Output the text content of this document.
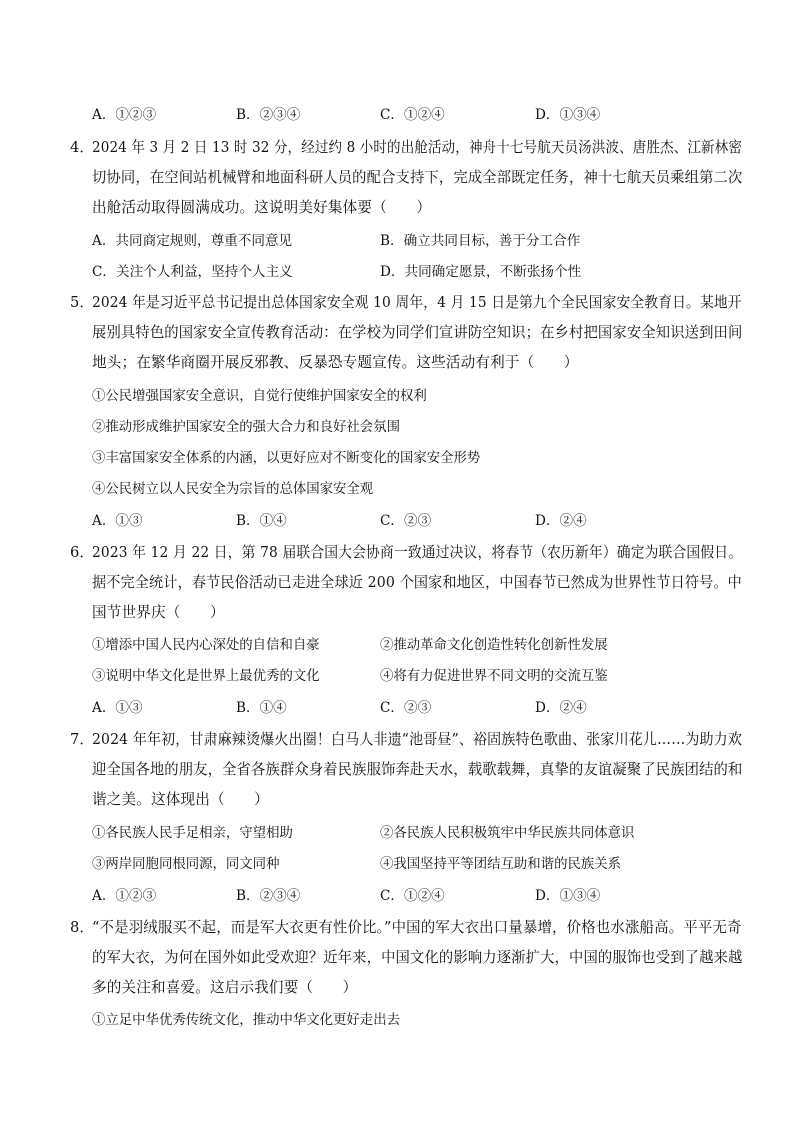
A．①②③	B．②③④	C．①②④	D．①③④
4．
2024 年 3 月 2 日 13 时 32 分，经过约 8 小时的出舱活动，神舟十七号航天员汤洪波、唐胜杰、江新林密
切协同，在空间站机械臂和地面科研人员的配合支持下，完成全部既定任务，神十七航天员乘组第二次
出舱活动取得圆满成功。这说明美好集体要（　　）
A．共同商定规则，尊重不同意见	B．确立共同目标，善于分工合作
C．关注个人利益，坚持个人主义	D．共同确定愿景，不断张扬个性
5．
2024 年是习近平总书记提出总体国家安全观 10 周年，4 月 15 日是第九个全民国家安全教育日。某地开
展别具特色的国家安全宣传教育活动：在学校为同学们宣讲防空知识；在乡村把国家安全知识送到田间
地头；在繁华商圈开展反邪教、反暴恐专题宣传。这些活动有利于（　　）
①公民增强国家安全意识，自觉行使维护国家安全的权利
②推动形成维护国家安全的强大合力和良好社会氛围
③丰富国家安全体系的内涵，以更好应对不断变化的国家安全形势
④公民树立以人民安全为宗旨的总体国家安全观
A．①③	B．①④	C．②③	D．②④
6．
2023 年 12 月 22 日，第 78 届联合国大会协商一致通过决议，将春节（农历新年）确定为联合国假日。
据不完全统计，春节民俗活动已走进全球近 200 个国家和地区，中国春节已然成为世界性节日符号。中
国节世界庆（　　）
①增添中国人民内心深处的自信和自豪	②推动革命文化创造性转化创新性发展
③说明中华文化是世界上最优秀的文化	④将有力促进世界不同文明的交流互鉴
A．①③	B．①④	C．②③	D．②④
7．
2024 年年初，甘肃麻辣烫爆火出圈！白马人非遗“池哥昼”、裕固族特色歌曲、张家川花儿……为助力欢
迎全国各地的朋友，全省各族群众身着民族服饰奔赴天水，载歌载舞，真挚的友谊凝聚了民族团结的和
谐之美。这体现出（　　）
①各民族人民手足相亲，守望相助	②各民族人民积极筑牢中华民族共同体意识
③两岸同胞同根同源，同文同种	④我国坚持平等团结互助和谐的民族关系
A．①②③	B．②③④	C．①②④	D．①③④
8．
“不是羽绒服买不起，而是军大衣更有性价比。”中国的军大衣出口量暴增，价格也水涨船高。平平无奇
的军大衣，为何在国外如此受欢迎？近年来，中国文化的影响力逐渐扩大，中国的服饰也受到了越来越
多的关注和喜爱。这启示我们要（　　）
①立足中华优秀传统文化，推动中华文化更好走出去
